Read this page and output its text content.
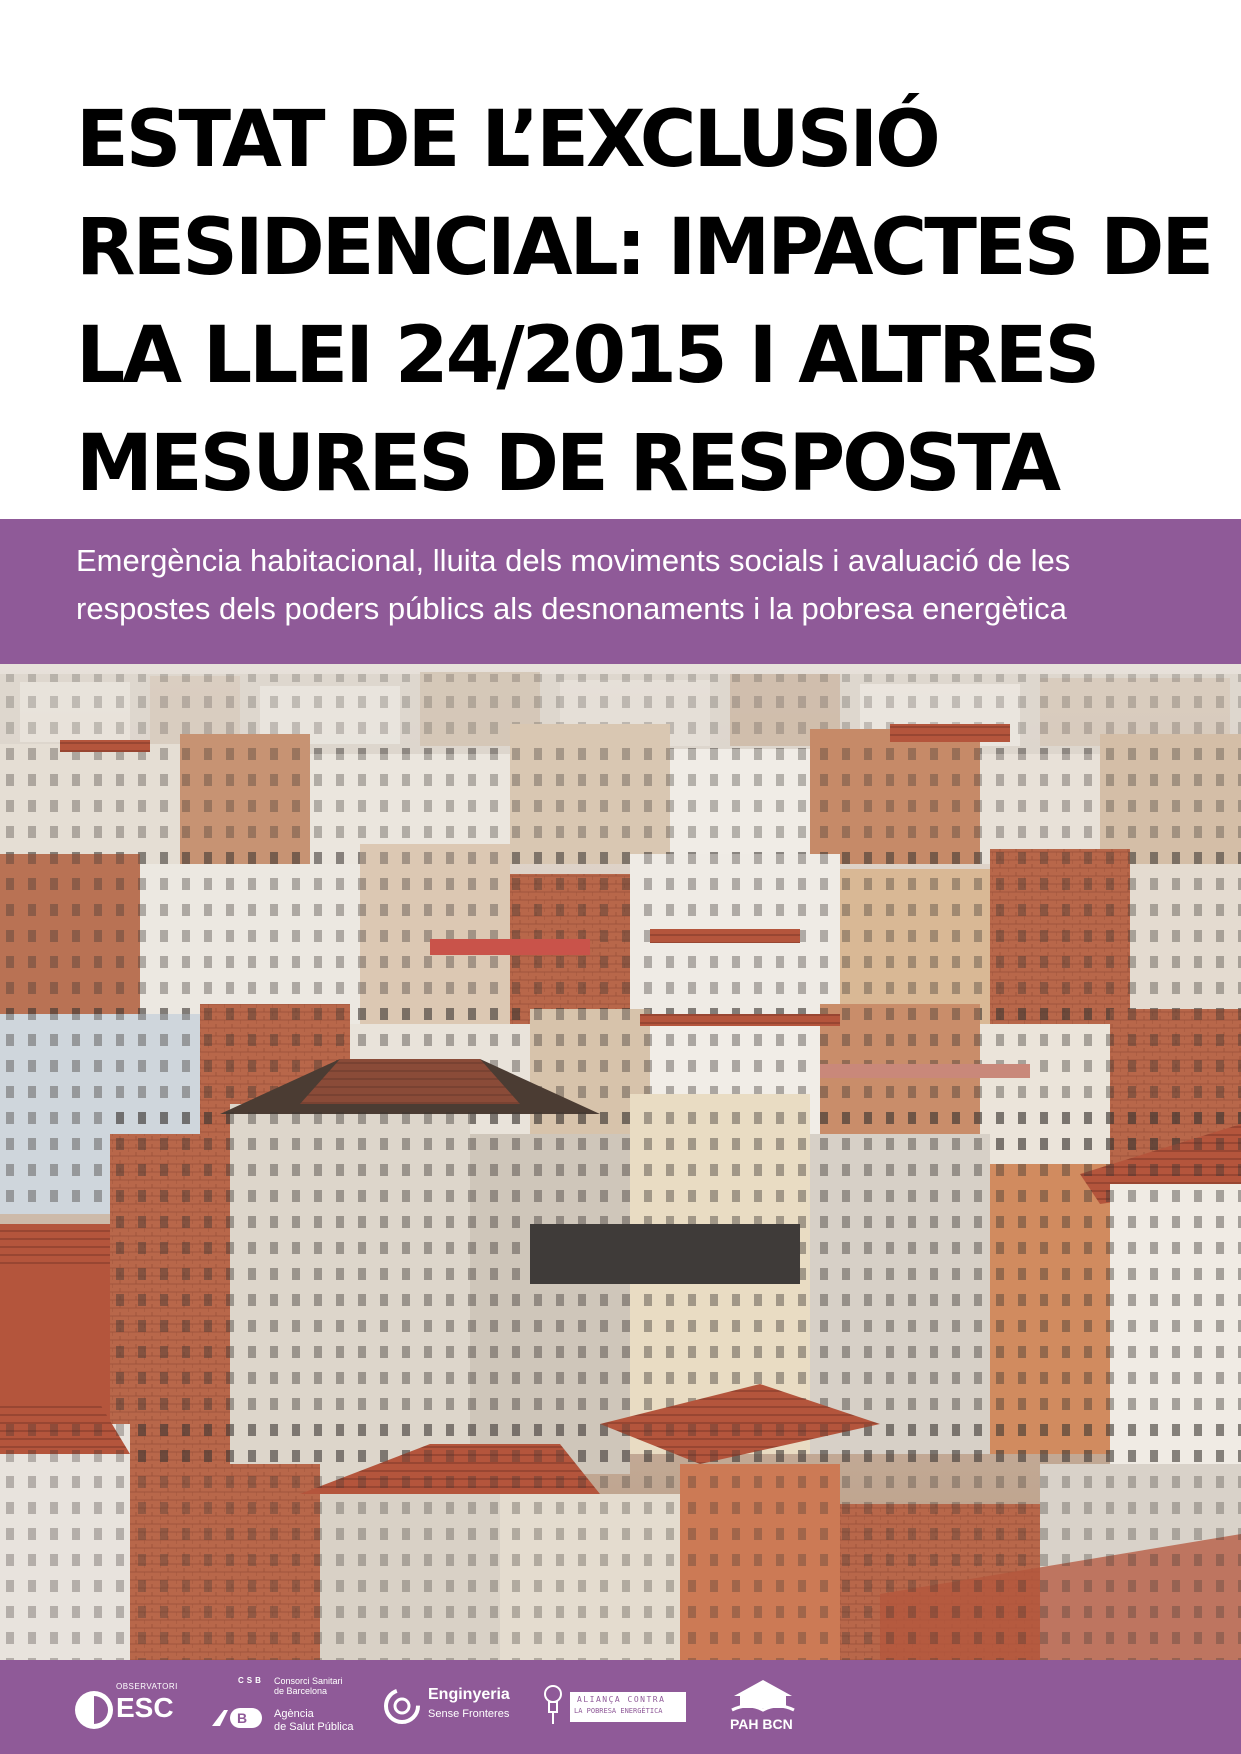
ESTAT DE L’EXCLUSIÓ
RESIDENCIAL: IMPACTES DE
LA LLEI 24/2015 I ALTRES
MESURES DE RESPOSTA
Emergència habitacional, lluita dels moviments socials i avaluació de les
respostes dels poders públics als desnonaments i la pobresa energètica
OBSERVATORI
ESC
CSB Consorci Sanitari
de Barcelona
B Agència
de Salut Pública
Enginyeria
Sense Fronteres
ALIANÇA CONTRA
LA POBRESA ENERGÈTICA
PAH BCN
